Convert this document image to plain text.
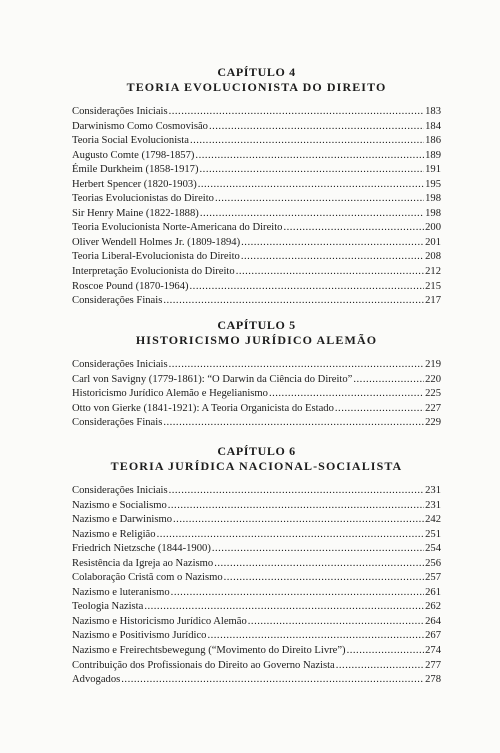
CAPÍTULO 4
TEORIA EVOLUCIONISTA DO DIREITO
Considerações Iniciais .....	183
Darwinismo Como Cosmovisão .....	184
Teoria Social Evolucionista .....	186
Augusto Comte (1798-1857) .....	189
Émile Durkheim (1858-1917) .....	191
Herbert Spencer (1820-1903) .....	195
Teorias Evolucionistas do Direito .....	198
Sir Henry Maine (1822-1888) .....	198
Teoria Evolucionista Norte-Americana do Direito .....	200
Oliver Wendell Holmes Jr. (1809-1894) .....	201
Teoria Liberal-Evolucionista do Direito .....	208
Interpretação Evolucionista do Direito .....	212
Roscoe Pound (1870-1964) .....	215
Considerações Finais .....	217
CAPÍTULO 5
HISTORICISMO JURÍDICO ALEMÃO
Considerações Iniciais .....	219
Carl von Savigny (1779-1861): “O Darwin da Ciência do Direito” .....	220
Historicismo Jurídico Alemão e Hegelianismo .....	225
Otto von Gierke (1841-1921): A Teoria Organicista do Estado .....	227
Considerações Finais .....	229
CAPÍTULO 6
TEORIA JURÍDICA NACIONAL-SOCIALISTA
Considerações Iniciais .....	231
Nazismo e Socialismo .....	231
Nazismo e Darwinismo .....	242
Nazismo e Religião .....	251
Friedrich Nietzsche (1844-1900) .....	254
Resistência da Igreja ao Nazismo .....	256
Colaboração Cristã com o Nazismo .....	257
Nazismo e luteranismo .....	261
Teologia Nazista .....	262
Nazismo e Historicismo Jurídico Alemão .....	264
Nazismo e Positivismo Jurídico .....	267
Nazismo e Freirechtsbewegung (“Movimento do Direito Livre”) .....	274
Contribuição dos Profissionais do Direito ao Governo Nazista .....	277
Advogados .....	278
